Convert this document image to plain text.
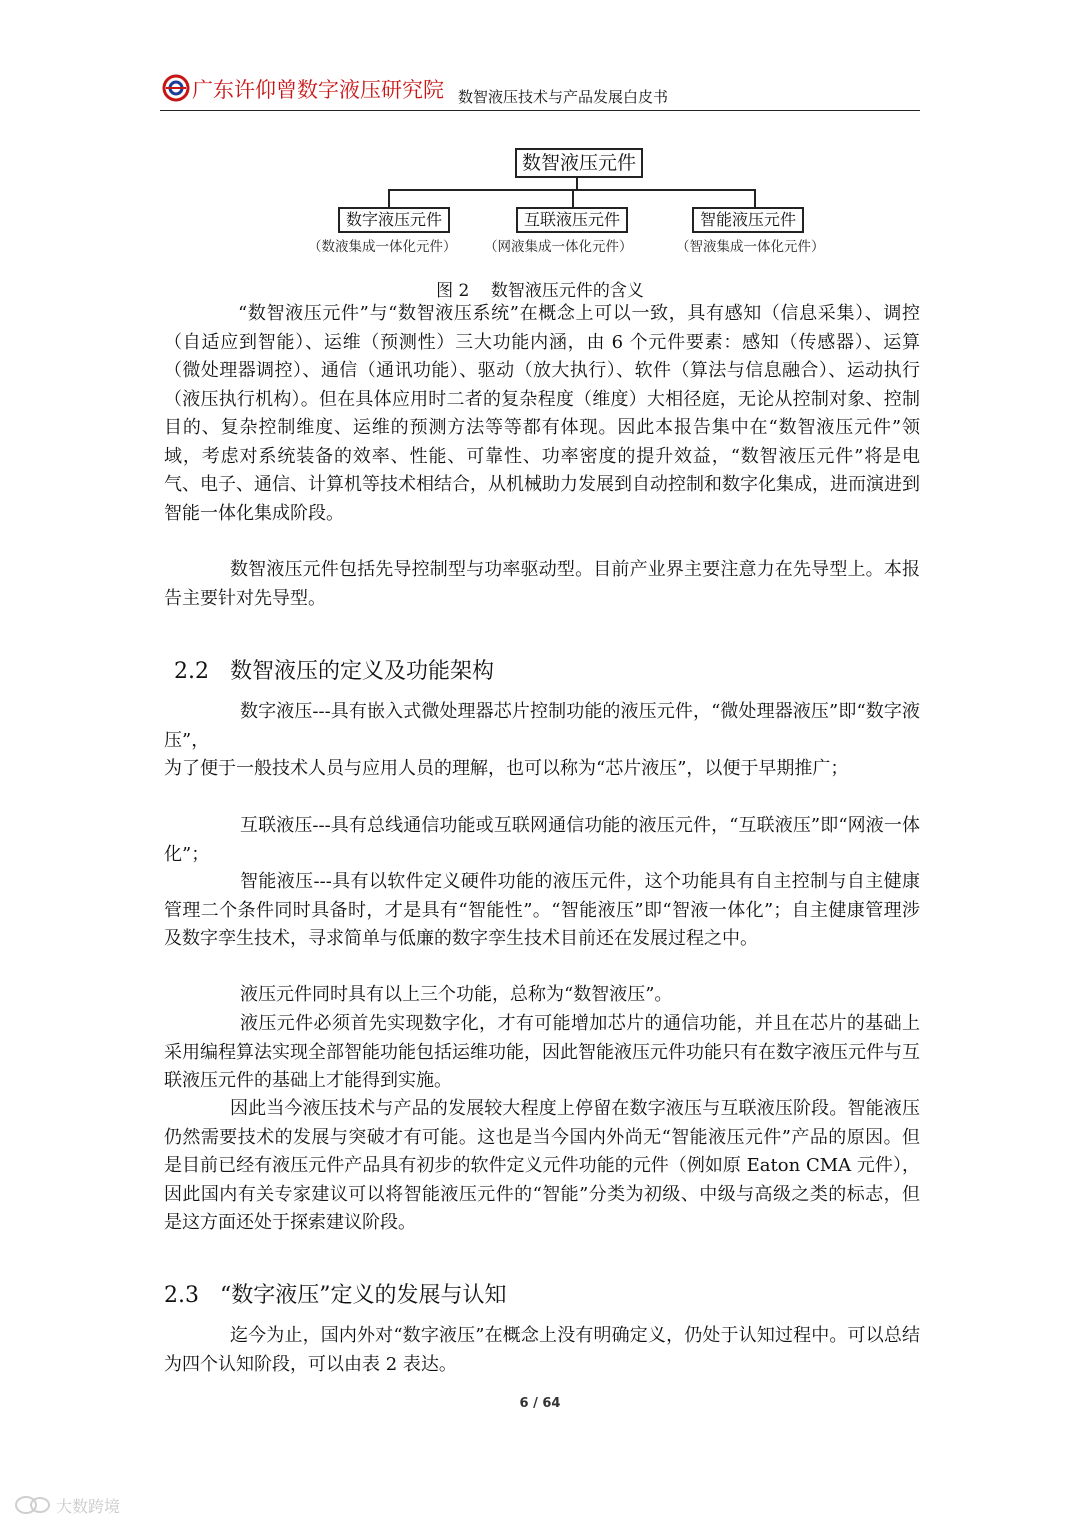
广东许仰曾数字液压研究院 数智液压技术与产品发展白皮书
数智液压元件
数字液压元件	互联液压元件	智能液压元件
（数液集成一体化元件） （网液集成一体化元件）	（智液集成一体化元件）
图 2    数智液压元件的含义
“数智液压元件”与“数智液压系统”在概念上可以一致，具有感知（信息采集）、调控（自适应到智能）、运维（预测性）三大功能内涵，由 6 个元件要素：感知（传感器）、运算（微处理器调控）、通信（通讯功能）、驱动（放大执行）、软件（算法与信息融合）、运动执行（液压执行机构）。但在具体应用时二者的复杂程度（维度）大相径庭，无论从控制对象、控制目的、复杂控制维度、运维的预测方法等等都有体现。因此本报告集中在“数智液压元件”领域，考虑对系统装备的效率、性能、可靠性、功率密度的提升效益，“数智液压元件”将是电气、电子、通信、计算机等技术相结合，从机械助力发展到自动控制和数字化集成，进而演进到智能一体化集成阶段。
数智液压元件包括先导控制型与功率驱动型。目前产业界主要注意力在先导型上。本报告主要针对先导型。
2.2   数智液压的定义及功能架构
数字液压---具有嵌入式微处理器芯片控制功能的液压元件，“微处理器液压”即“数字液压”，
为了便于一般技术人员与应用人员的理解，也可以称为“芯片液压”，以便于早期推广；
互联液压---具有总线通信功能或互联网通信功能的液压元件，“互联液压”即“网液一体化”；
智能液压---具有以软件定义硬件功能的液压元件，这个功能具有自主控制与自主健康管理二个条件同时具备时，才是具有“智能性”。“智能液压”即“智液一体化”；自主健康管理涉及数字孪生技术，寻求简单与低廉的数字孪生技术目前还在发展过程之中。
液压元件同时具有以上三个功能，总称为“数智液压”。
液压元件必须首先实现数字化，才有可能增加芯片的通信功能，并且在芯片的基础上采用编程算法实现全部智能功能包括运维功能，因此智能液压元件功能只有在数字液压元件与互联液压元件的基础上才能得到实施。
因此当今液压技术与产品的发展较大程度上停留在数字液压与互联液压阶段。智能液压仍然需要技术的发展与突破才有可能。这也是当今国内外尚无“智能液压元件”产品的原因。但是目前已经有液压元件产品具有初步的软件定义元件功能的元件（例如原 Eaton CMA 元件），因此国内有关专家建议可以将智能液压元件的“智能”分类为初级、中级与高级之类的标志，但是这方面还处于探索建议阶段。
2.3   “数字液压”定义的发展与认知
迄今为止，国内外对“数字液压”在概念上没有明确定义，仍处于认知过程中。可以总结为四个认知阶段，可以由表 2 表达。
6 / 64
大数跨境
